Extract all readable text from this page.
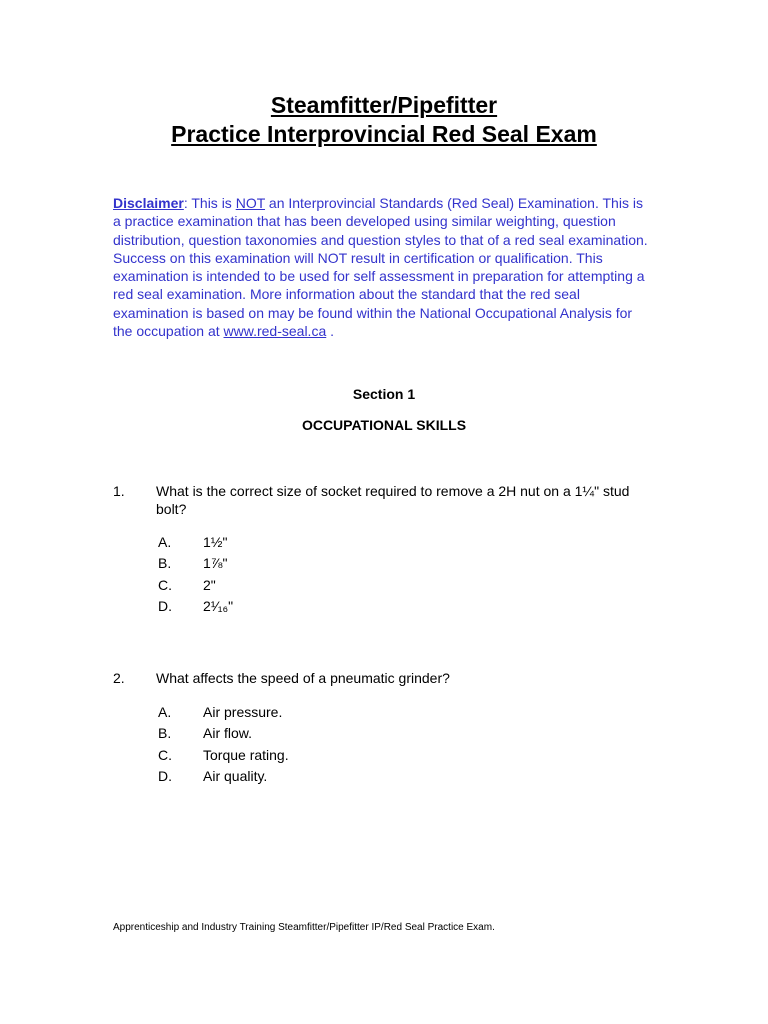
Steamfitter/Pipefitter
Practice Interprovincial Red Seal Exam

Disclaimer: This is NOT an Interprovincial Standards (Red Seal) Examination. This is a practice examination that has been developed using similar weighting, question distribution, question taxonomies and question styles to that of a red seal examination. Success on this examination will NOT result in certification or qualification. This examination is intended to be used for self assessment in preparation for attempting a red seal examination. More information about the standard that the red seal examination is based on may be found within the National Occupational Analysis for the occupation at www.red-seal.ca .

Section 1

OCCUPATIONAL SKILLS

1. What is the correct size of socket required to remove a 2H nut on a 1¼" stud bolt?
A. 1½"
B. 1⅞"
C. 2"
D. 2¹⁄₁₆"
2. What affects the speed of a pneumatic grinder?
A. Air pressure.
B. Air flow.
C. Torque rating.
D. Air quality.

Apprenticeship and Industry Training Steamfitter/Pipefitter IP/Red Seal Practice Exam.
